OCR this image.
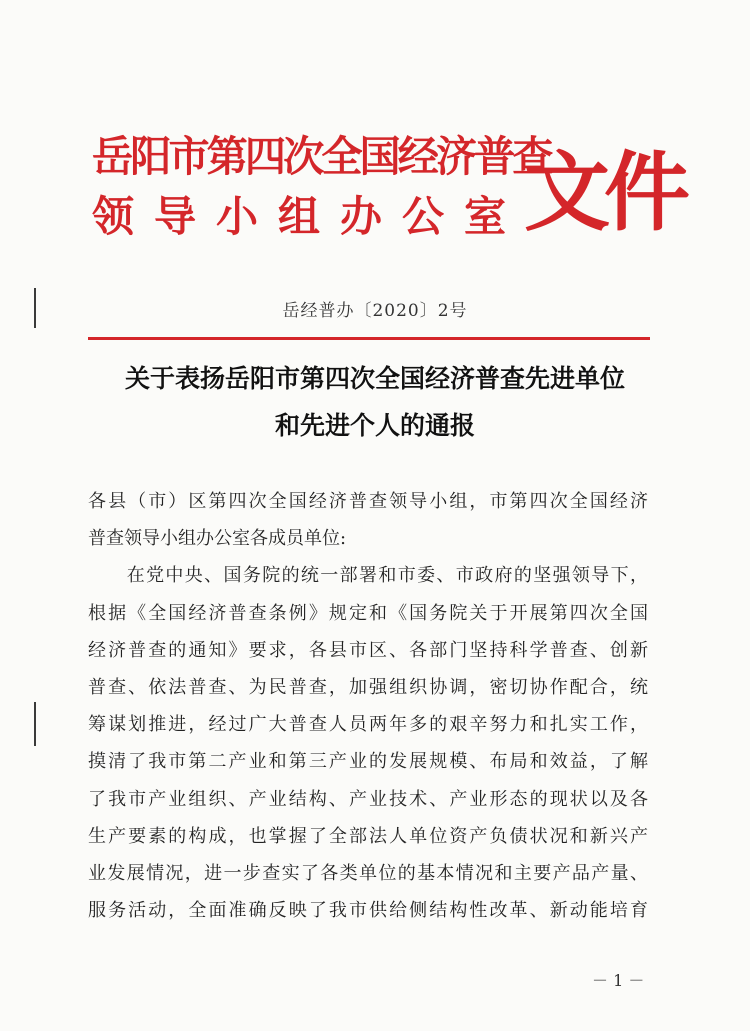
岳阳市第四次全国经济普查
领导小组办公室
文件
岳经普办〔2020〕2号
关于表扬岳阳市第四次全国经济普查先进单位
和先进个人的通报
各县（市）区第四次全国经济普查领导小组，市第四次全国经济
普查领导小组办公室各成员单位:
　　在党中央、国务院的统一部署和市委、市政府的坚强领导下，
根据《全国经济普查条例》规定和《国务院关于开展第四次全国
经济普查的通知》要求，各县市区、各部门坚持科学普查、创新
普查、依法普查、为民普查，加强组织协调，密切协作配合，统
筹谋划推进，经过广大普查人员两年多的艰辛努力和扎实工作，
摸清了我市第二产业和第三产业的发展规模、布局和效益，了解
了我市产业组织、产业结构、产业技术、产业形态的现状以及各
生产要素的构成，也掌握了全部法人单位资产负债状况和新兴产
业发展情况，进一步查实了各类单位的基本情况和主要产品产量、
服务活动，全面准确反映了我市供给侧结构性改革、新动能培育
－ 1 －
